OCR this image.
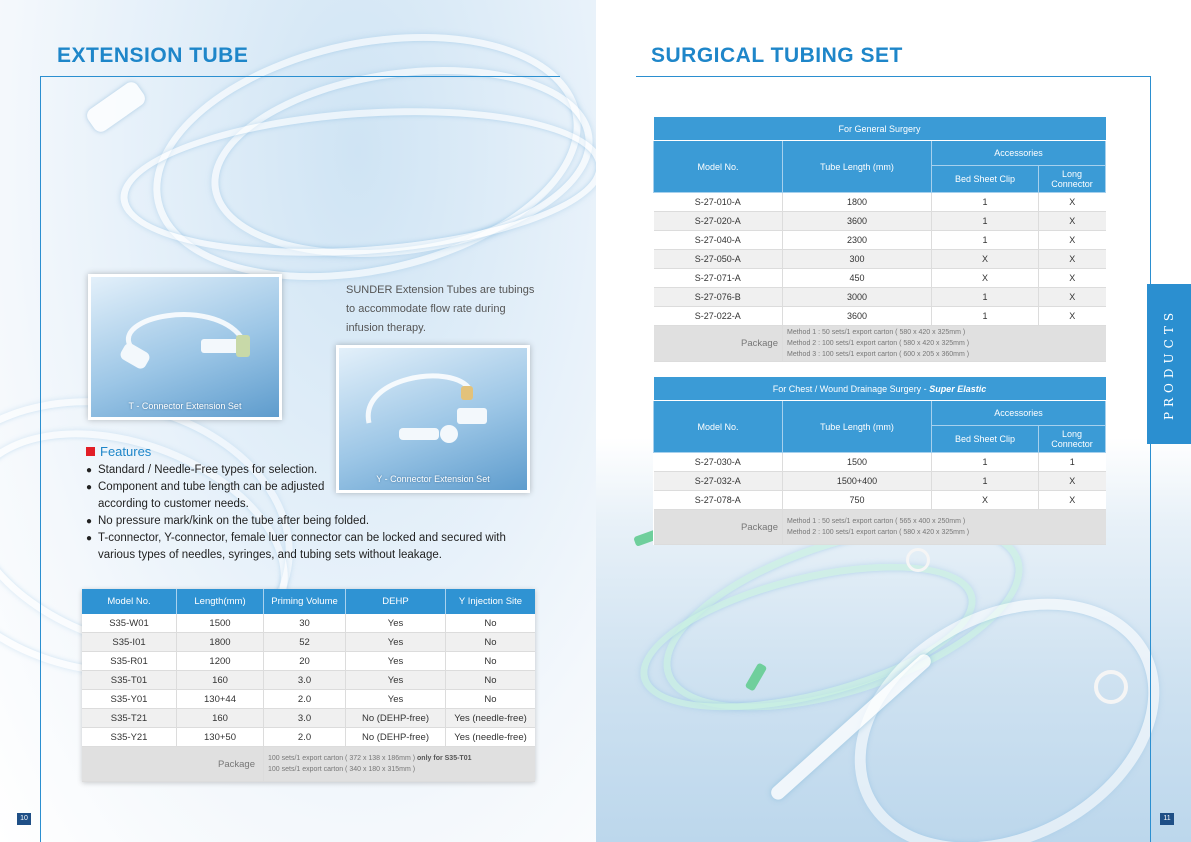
EXTENSION TUBE
T - Connector Extension Set
Y - Connector Extension Set
SUNDER Extension Tubes are tubings to accommodate flow rate during infusion therapy.
Features
● Standard / Needle-Free types for selection.
● Component and tube length can be adjusted according to customer needs.
● No pressure mark/kink on the tube after being folded.
● T-connector, Y-connector, female luer connector can be locked and secured with various types of needles, syringes, and tubing sets without leakage.
Model No.	Length(mm)	Priming Volume	DEHP	Y Injection Site
S35-W01	1500	30	Yes	No
S35-I01	1800	52	Yes	No
S35-R01	1200	20	Yes	No
S35-T01	160	3.0	Yes	No
S35-Y01	130+44	2.0	Yes	No
S35-T21	160	3.0	No (DEHP-free)	Yes (needle-free)
S35-Y21	130+50	2.0	No (DEHP-free)	Yes (needle-free)
Package		100 sets/1 export carton ( 372 x 138 x 186mm ) only for S35-T01
100 sets/1 export carton ( 340 x 180 x 315mm )		
10
SURGICAL TUBING SET
PRODUCTS
For General Surgery			
Model No.	Tube Length (mm)	Accessories	
		Bed Sheet Clip	Long Connector
S-27-010-A	1800	1	X
S-27-020-A	3600	1	X
S-27-040-A	2300	1	X
S-27-050-A	300	X	X
S-27-071-A	450	X	X
S-27-076-B	3000	1	X
S-27-022-A	3600	1	X
Package	Method 1 : 50 sets/1 export carton ( 580 x 420 x 325mm )
Method 2 : 100 sets/1 export carton ( 580 x 420 x 325mm )
Method 3 : 100 sets/1 export carton ( 600 x 205 x 360mm )		
For Chest / Wound Drainage Surgery - Super Elastic			
Model No.	Tube Length (mm)	Accessories	
		Bed Sheet Clip	Long Connector
S-27-030-A	1500	1	1
S-27-032-A	1500+400	1	X
S-27-078-A	750	X	X
Package	Method 1 : 50 sets/1 export carton ( 565 x 400 x 250mm )
Method 2 : 100 sets/1 export carton ( 580 x 420 x 325mm )		
11
